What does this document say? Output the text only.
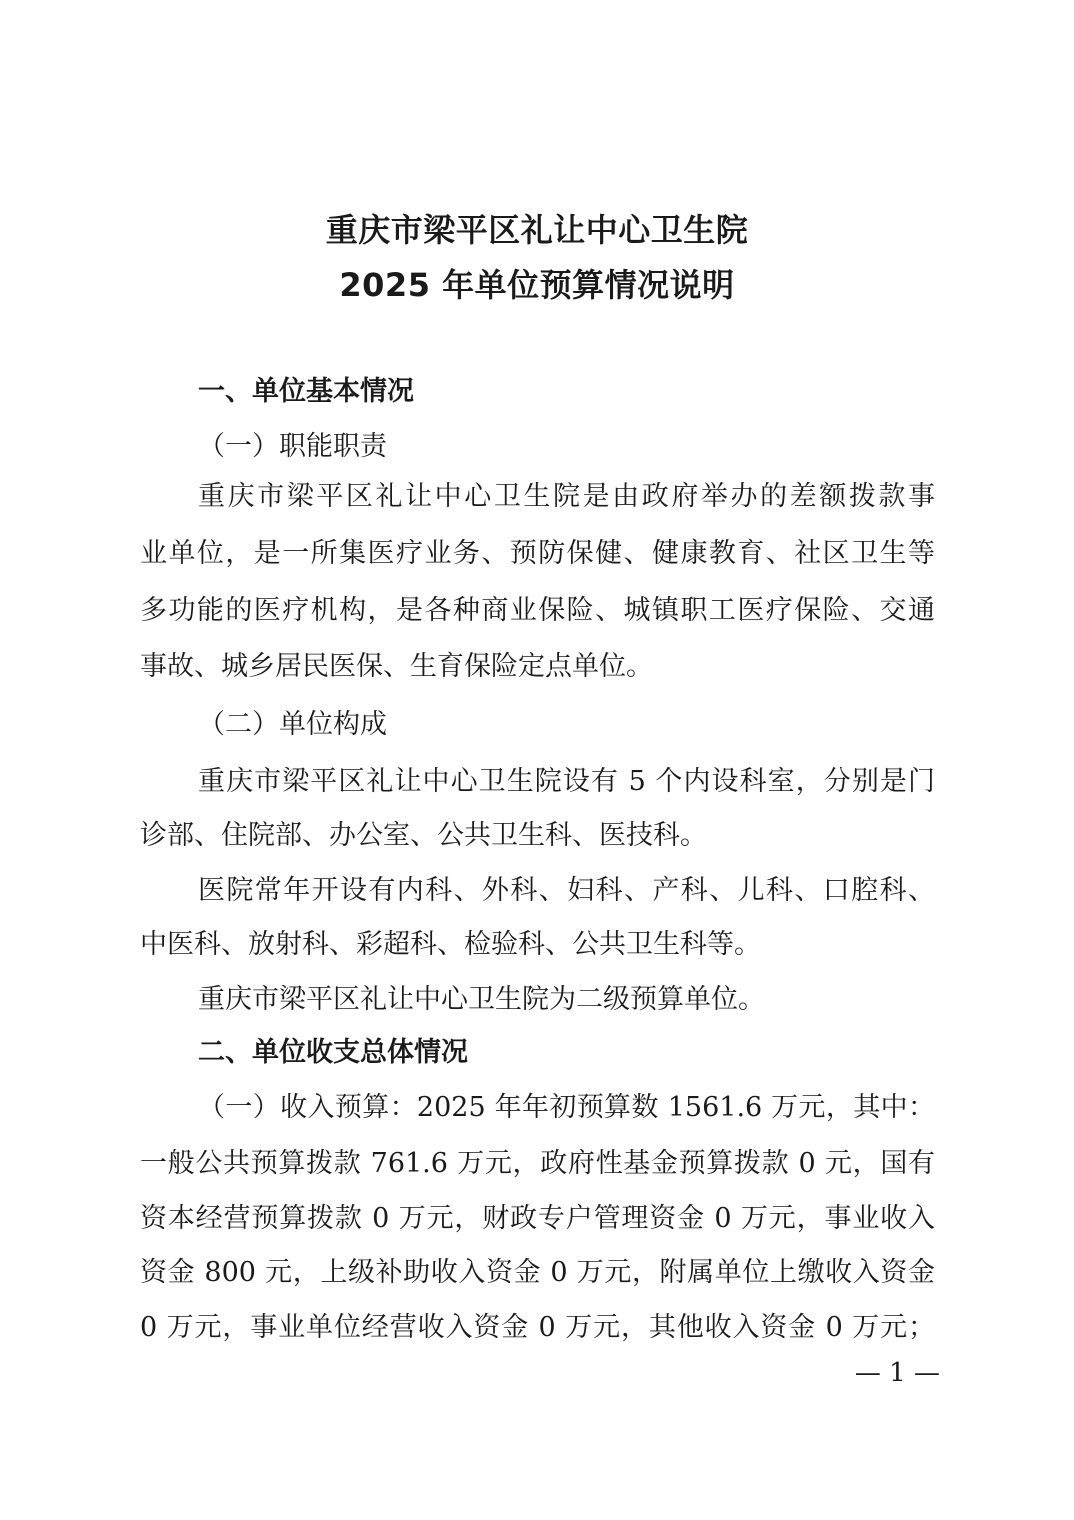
重庆市梁平区礼让中心卫生院
2025 年单位预算情况说明
一、单位基本情况
（一）职能职责
重庆市梁平区礼让中心卫生院是由政府举办的差额拨款事
业单位，是一所集医疗业务、预防保健、健康教育、社区卫生等
多功能的医疗机构，是各种商业保险、城镇职工医疗保险、交通
事故、城乡居民医保、生育保险定点单位。
（二）单位构成
重庆市梁平区礼让中心卫生院设有 5 个内设科室，分别是门
诊部、住院部、办公室、公共卫生科、医技科。
医院常年开设有内科、外科、妇科、产科、儿科、口腔科、
中医科、放射科、彩超科、检验科、公共卫生科等。
重庆市梁平区礼让中心卫生院为二级预算单位。
二、单位收支总体情况
（一）收入预算：2025 年年初预算数 1561.6 万元，其中：
一般公共预算拨款 761.6 万元，政府性基金预算拨款 0 元，国有
资本经营预算拨款 0 万元，财政专户管理资金 0 万元，事业收入
资金 800 元，上级补助收入资金 0 万元，附属单位上缴收入资金
0 万元，事业单位经营收入资金 0 万元，其他收入资金 0 万元；
— 1 —
